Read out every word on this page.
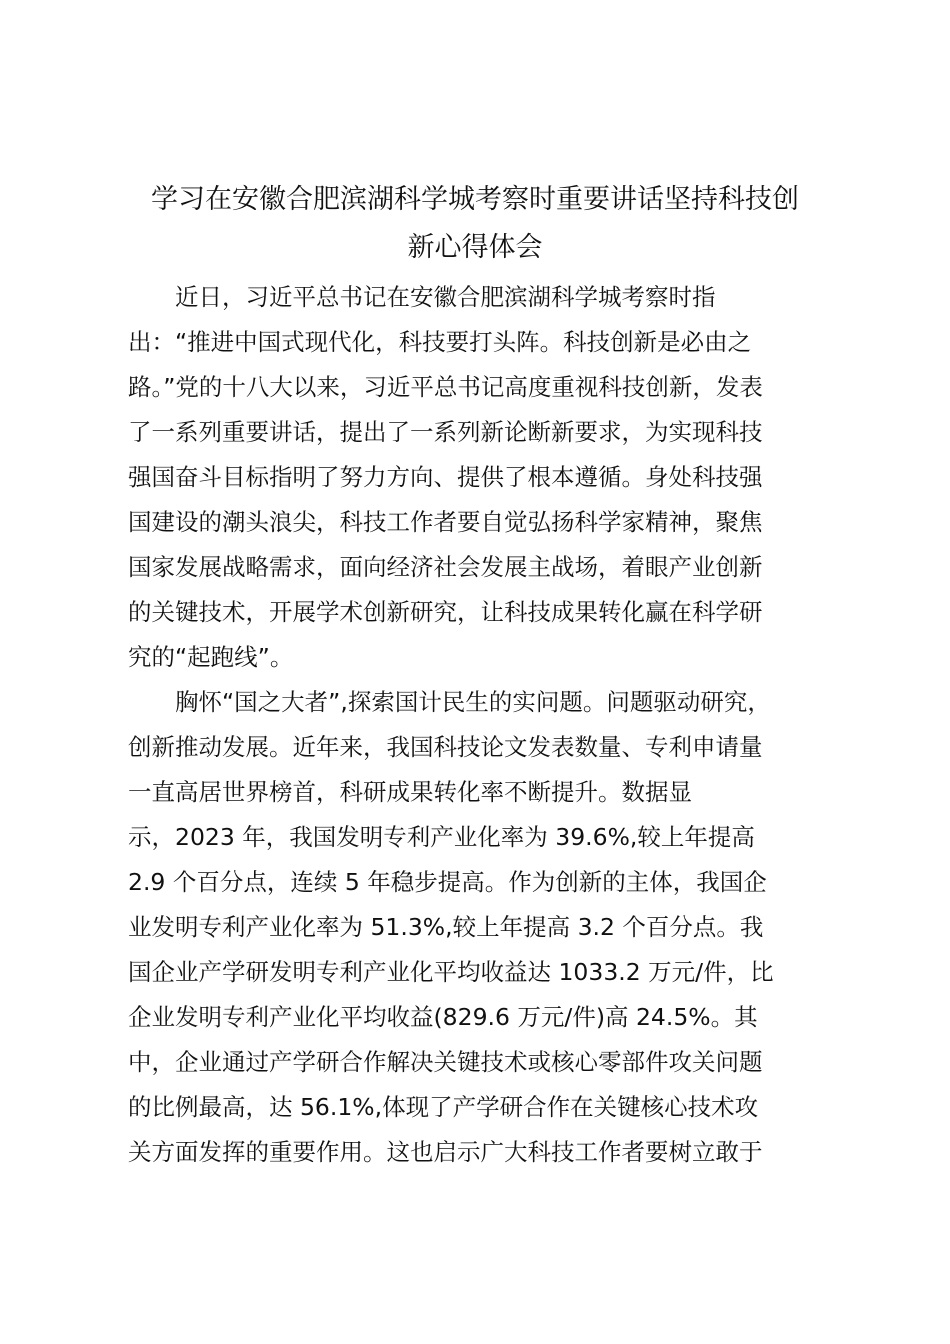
学习在安徽合肥滨湖科学城考察时重要讲话坚持科技创
新心得体会
近日，习近平总书记在安徽合肥滨湖科学城考察时指
出：“推进中国式现代化，科技要打头阵。科技创新是必由之
路。”党的十八大以来，习近平总书记高度重视科技创新，发表
了一系列重要讲话，提出了一系列新论断新要求，为实现科技
强国奋斗目标指明了努力方向、提供了根本遵循。身处科技强
国建设的潮头浪尖，科技工作者要自觉弘扬科学家精神，聚焦
国家发展战略需求，面向经济社会发展主战场，着眼产业创新
的关键技术，开展学术创新研究，让科技成果转化赢在科学研
究的“起跑线”。
胸怀“国之大者”,探索国计民生的实问题。问题驱动研究，
创新推动发展。近年来，我国科技论文发表数量、专利申请量
一直高居世界榜首，科研成果转化率不断提升。数据显
示，2023 年，我国发明专利产业化率为 39.6%,较上年提高
2.9 个百分点，连续 5 年稳步提高。作为创新的主体，我国企
业发明专利产业化率为 51.3%,较上年提高 3.2 个百分点。我
国企业产学研发明专利产业化平均收益达 1033.2 万元/件，比
企业发明专利产业化平均收益(829.6 万元/件)高 24.5%。其
中，企业通过产学研合作解决关键技术或核心零部件攻关问题
的比例最高，达 56.1%,体现了产学研合作在关键核心技术攻
关方面发挥的重要作用。这也启示广大科技工作者要树立敢于
